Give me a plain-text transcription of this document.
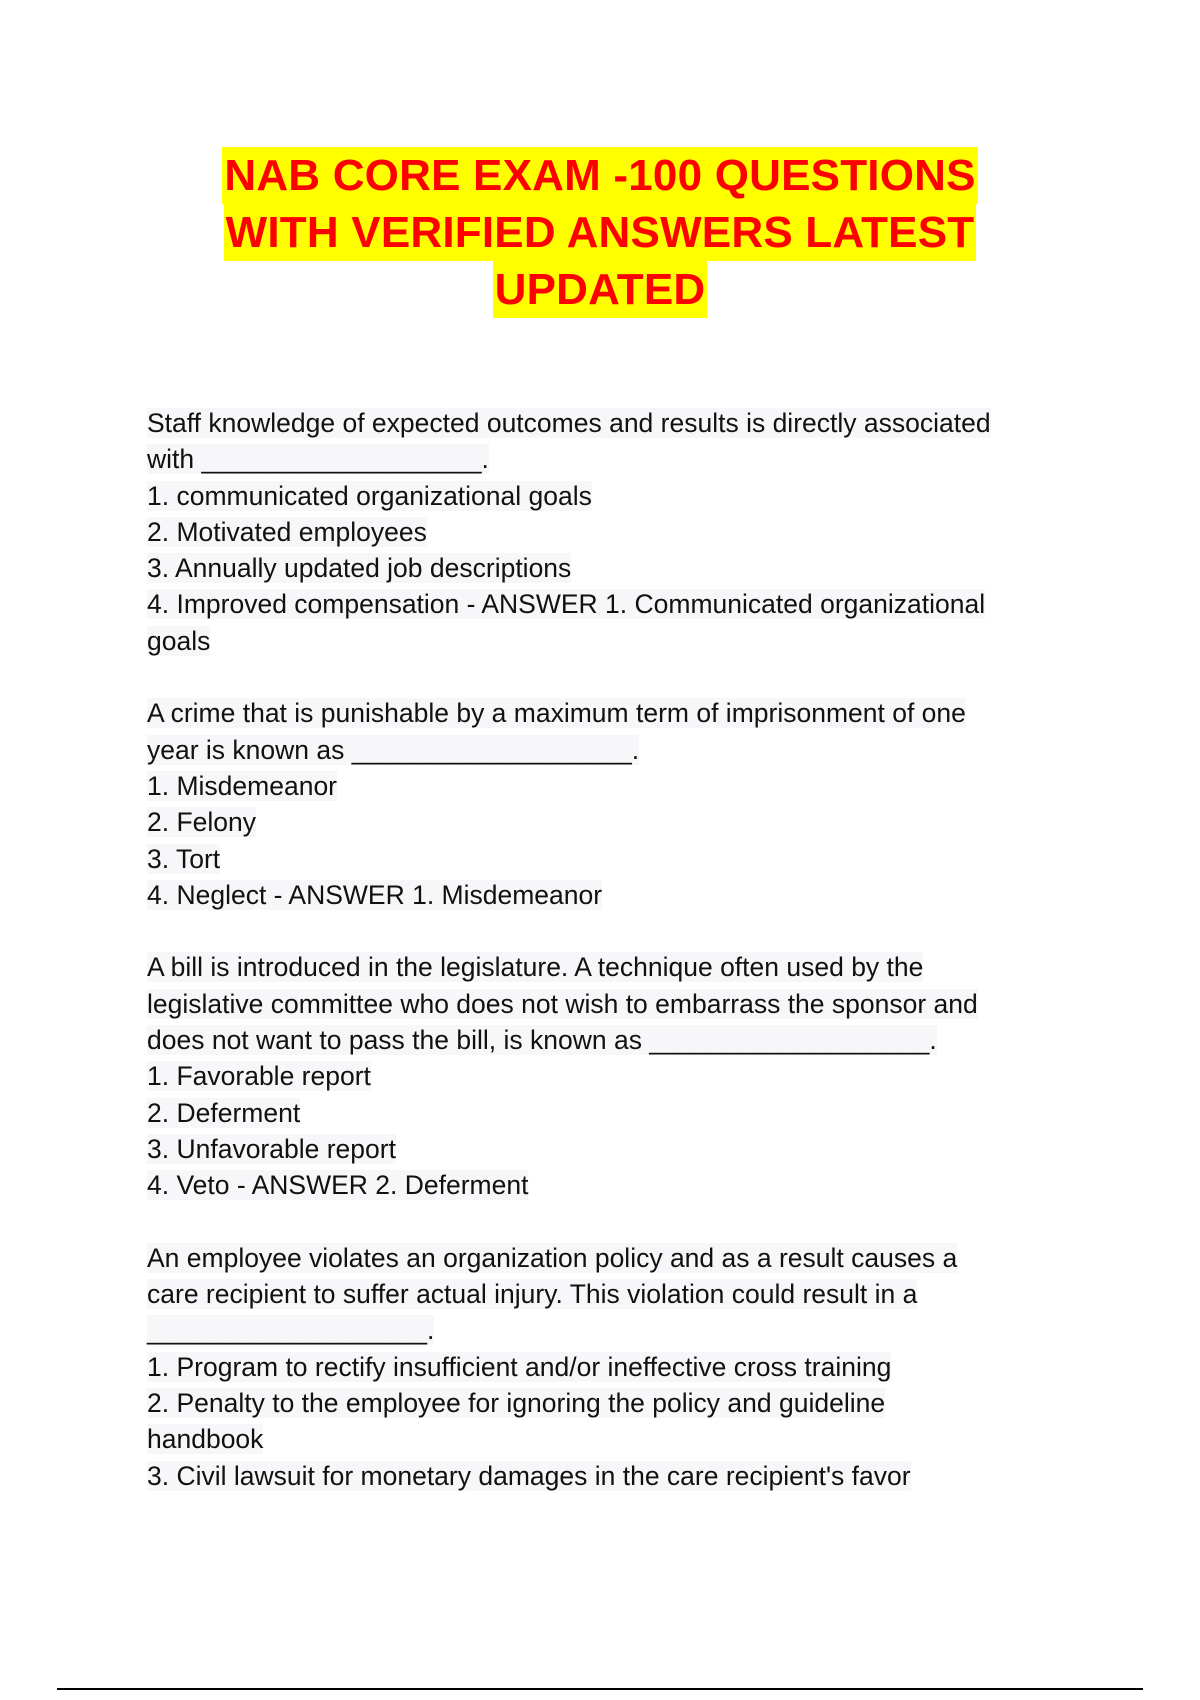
NAB CORE EXAM -100 QUESTIONS
WITH VERIFIED ANSWERS LATEST
UPDATED
Staff knowledge of expected outcomes and results is directly associated
with ___________________.
1. communicated organizational goals
2. Motivated employees
3. Annually updated job descriptions
4. Improved compensation - ANSWER 1. Communicated organizational
goals
A crime that is punishable by a maximum term of imprisonment of one
year is known as ___________________.
1. Misdemeanor
2. Felony
3. Tort
4. Neglect - ANSWER 1. Misdemeanor
A bill is introduced in the legislature. A technique often used by the
legislative committee who does not wish to embarrass the sponsor and
does not want to pass the bill, is known as ___________________.
1. Favorable report
2. Deferment
3. Unfavorable report
4. Veto - ANSWER 2. Deferment
An employee violates an organization policy and as a result causes a
care recipient to suffer actual injury. This violation could result in a
___________________.
1. Program to rectify insufficient and/or ineffective cross training
2. Penalty to the employee for ignoring the policy and guideline
handbook
3. Civil lawsuit for monetary damages in the care recipient's favor
